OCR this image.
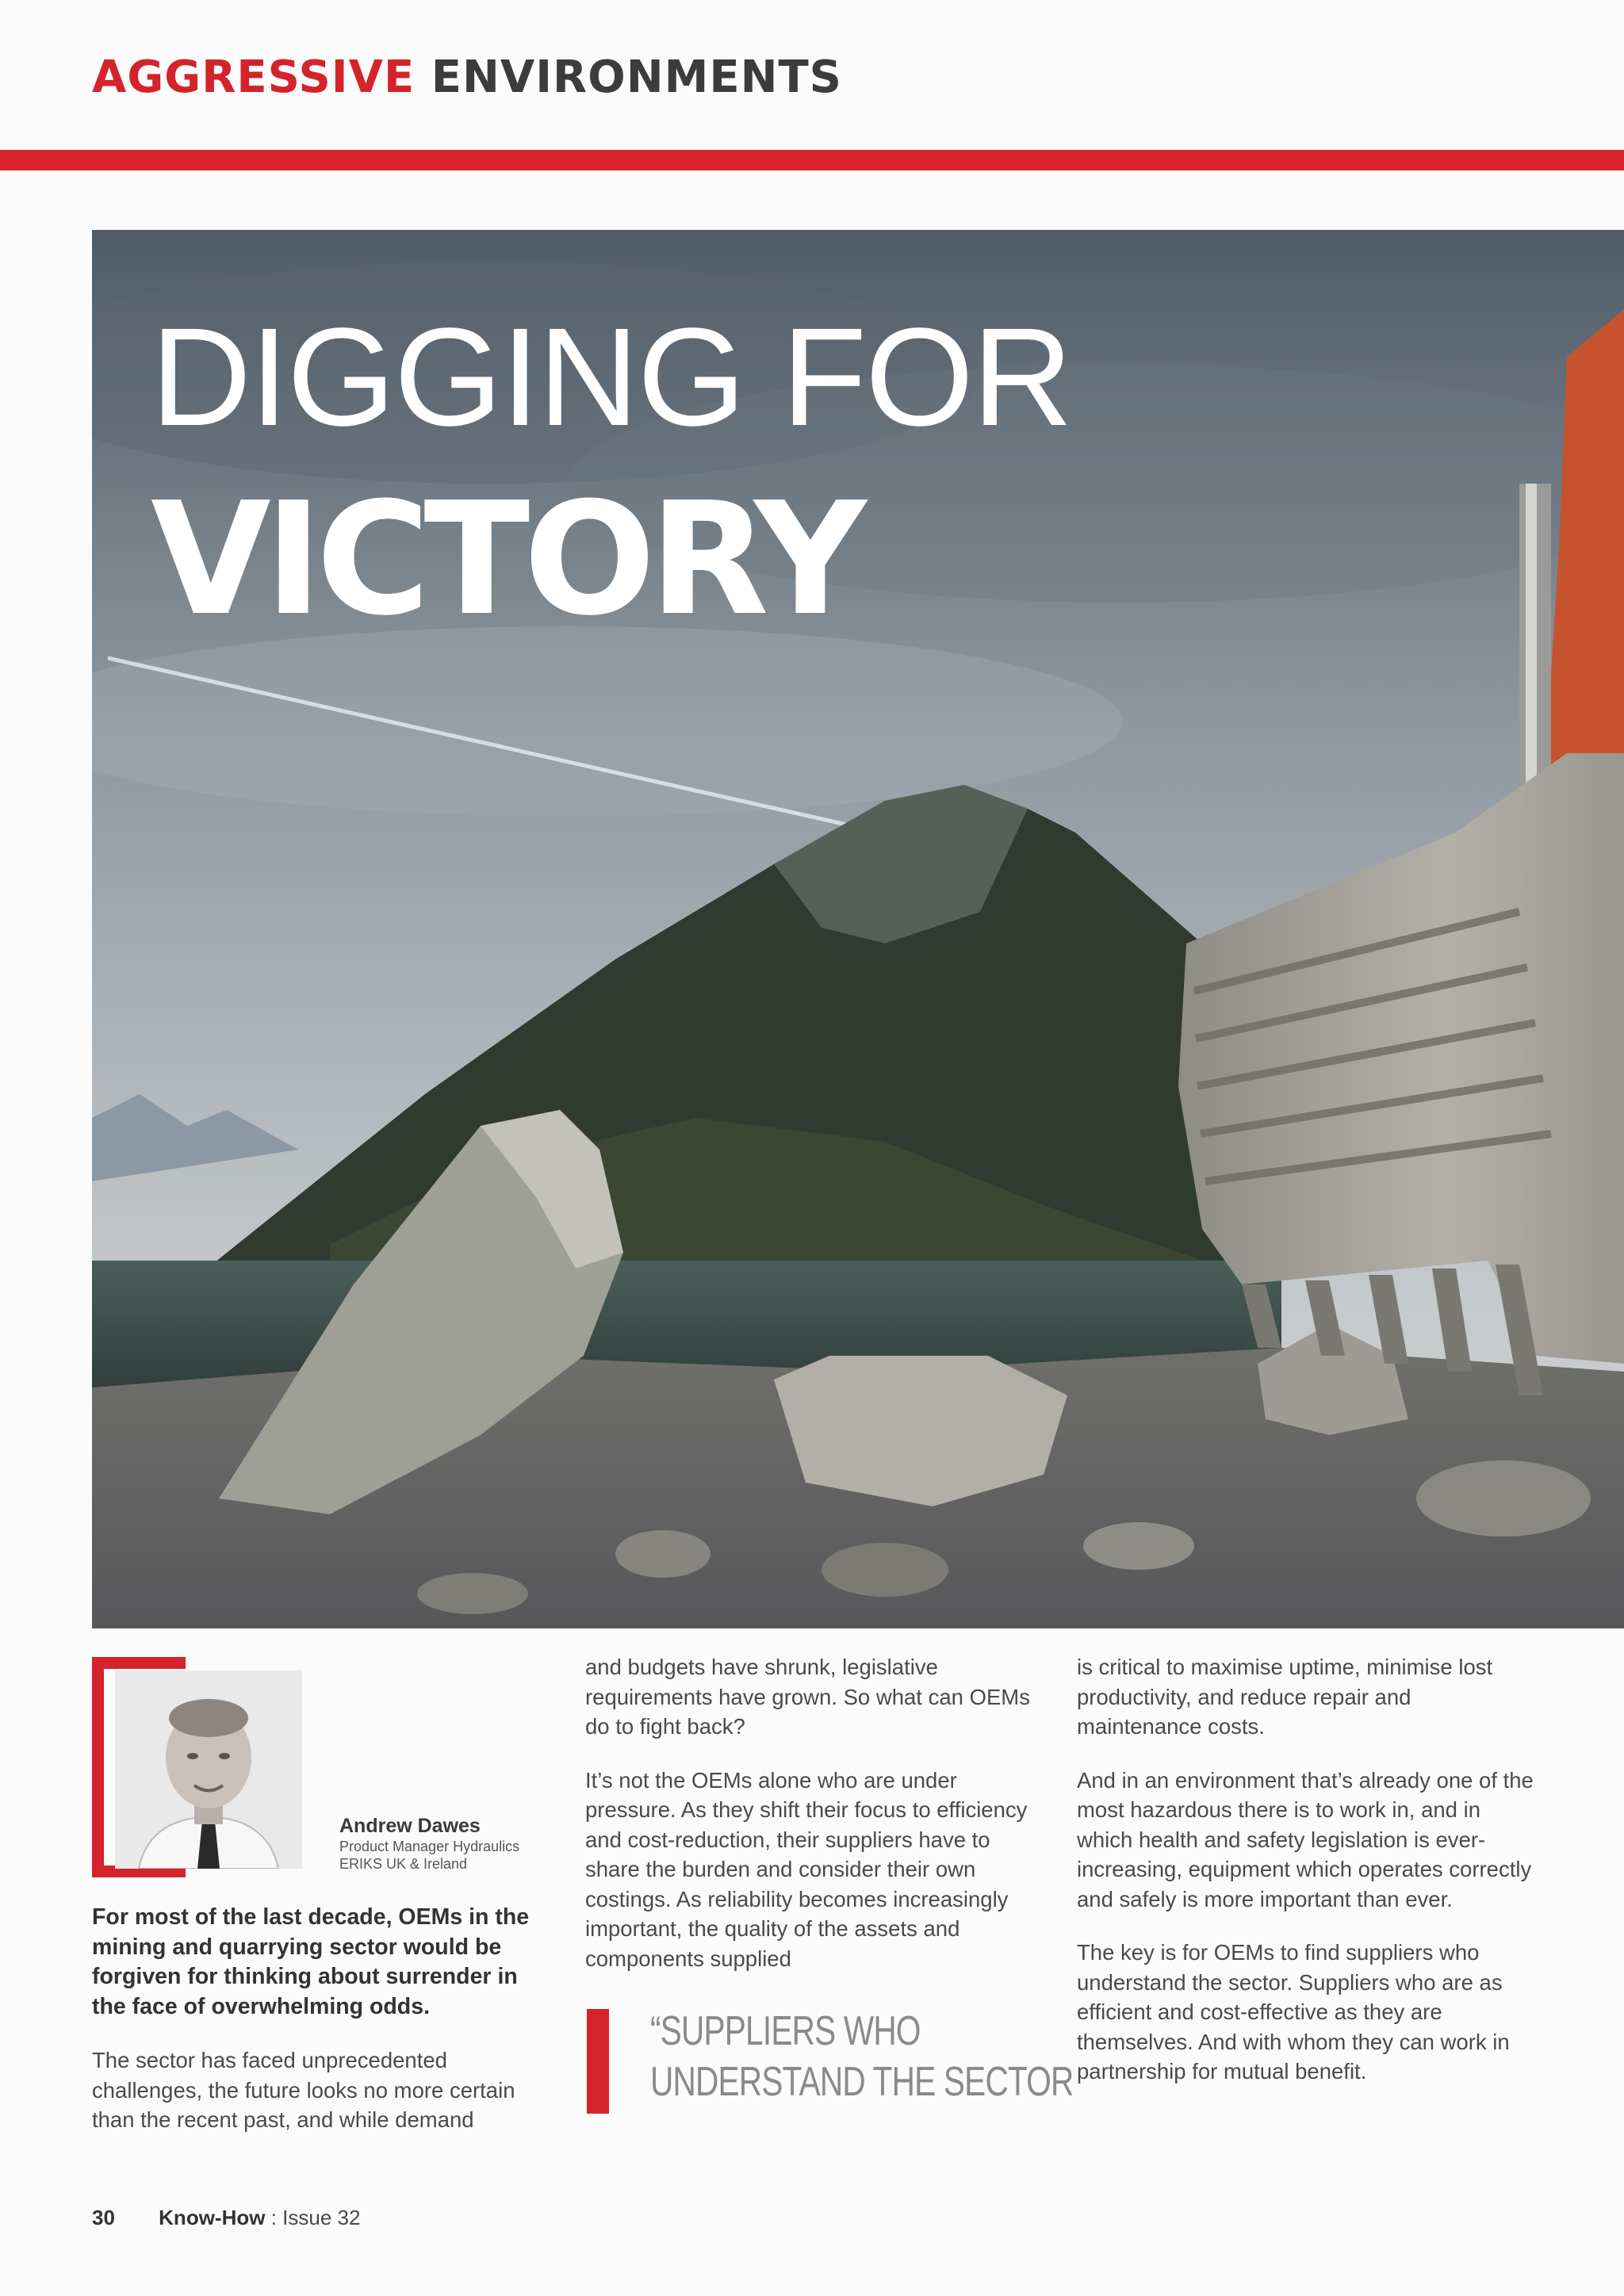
AGGRESSIVE ENVIRONMENTS
DIGGING FOR
VICTORY
Andrew Dawes
Product Manager Hydraulics
ERIKS UK & Ireland

For most of the last decade, OEMs in the mining and quarrying sector would be forgiven for thinking about surrender in the face of overwhelming odds.

The sector has faced unprecedented challenges, the future looks no more certain than the recent past, and while demand

and budgets have shrunk, legislative requirements have grown. So what can OEMs do to fight back?

It’s not the OEMs alone who are under pressure. As they shift their focus to efficiency and cost-reduction, their suppliers have to share the burden and consider their own costings. As reliability becomes increasingly important, the quality of the assets and components supplied

“SUPPLIERS WHO
UNDERSTAND THE SECTOR

is critical to maximise uptime, minimise lost productivity, and reduce repair and maintenance costs.

And in an environment that’s already one of the most hazardous there is to work in, and in which health and safety legislation is ever-increasing, equipment which operates correctly and safely is more important than ever.

The key is for OEMs to find suppliers who understand the sector. Suppliers who are as efficient and cost-effective as they are themselves. And with whom they can work in partnership for mutual benefit.

30 Know-How : Issue 32
